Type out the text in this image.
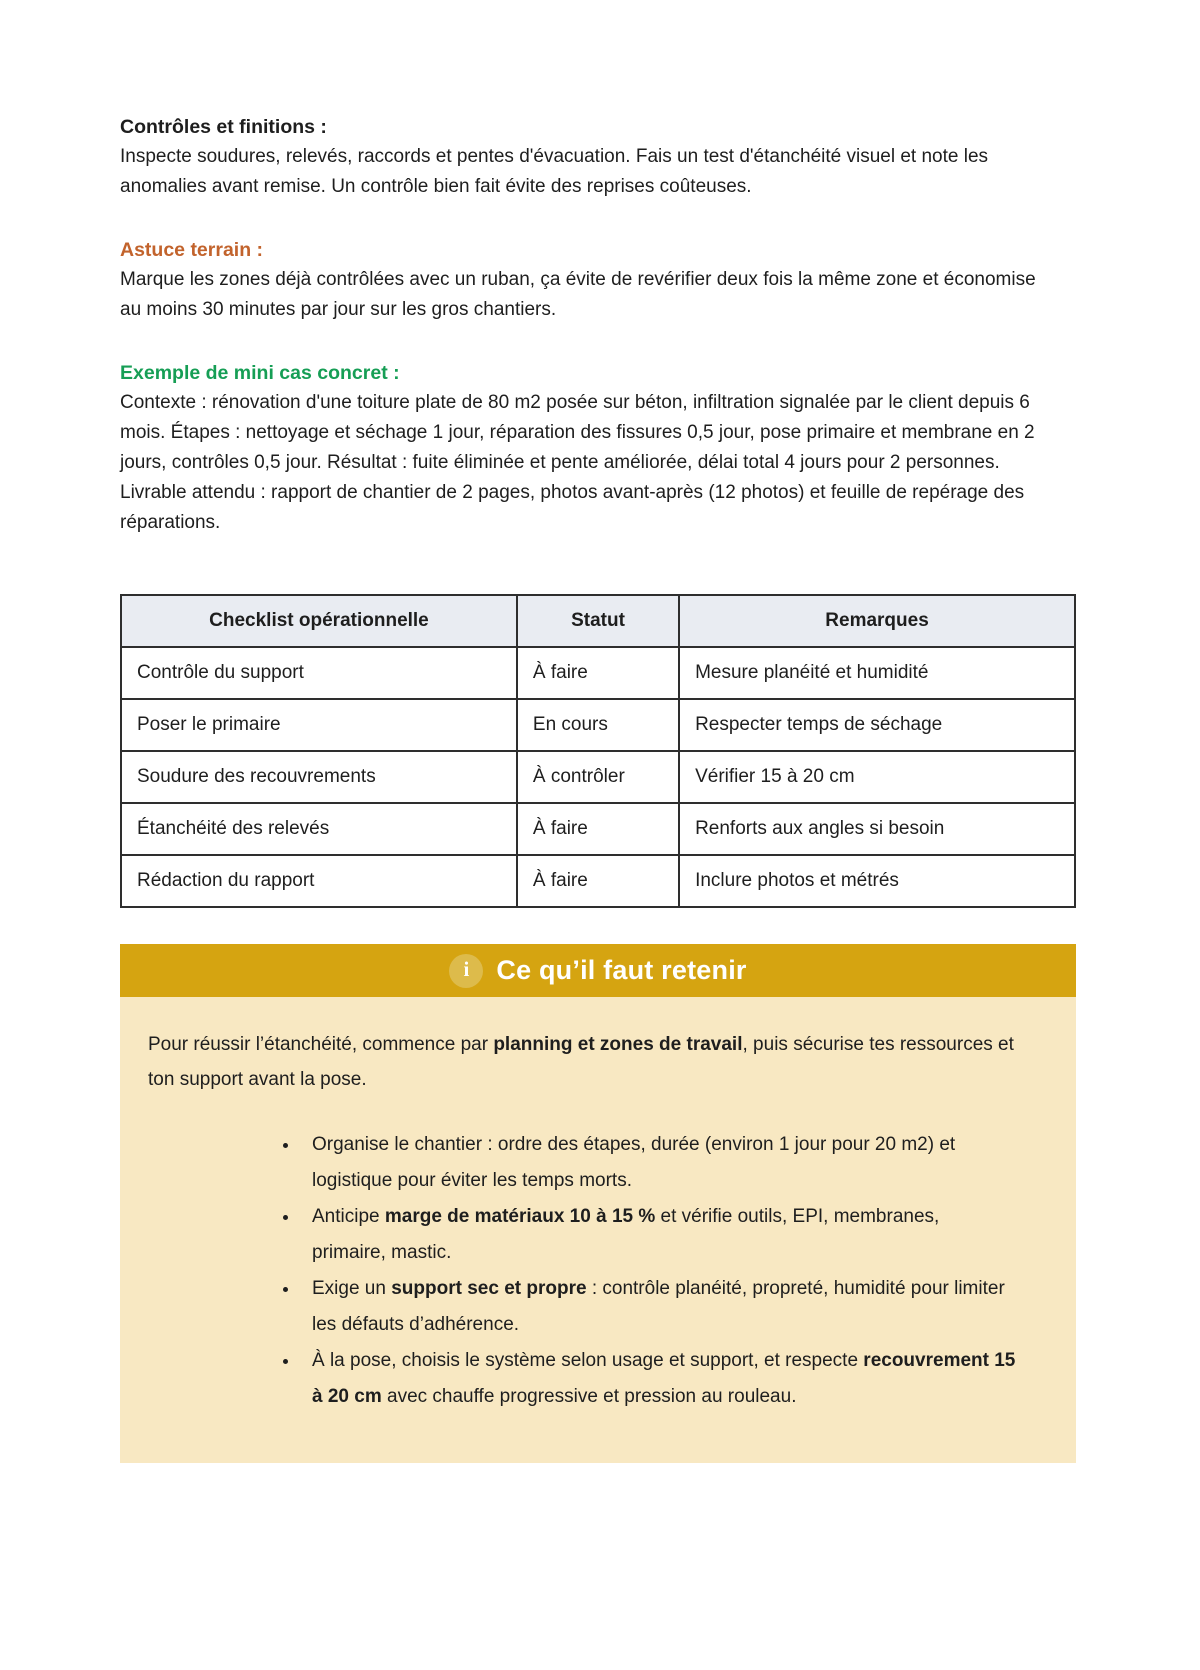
Contrôles et finitions :

Inspecte soudures, relevés, raccords et pentes d'évacuation. Fais un test d'étanchéité visuel et note les anomalies avant remise. Un contrôle bien fait évite des reprises coûteuses.

Astuce terrain :

Marque les zones déjà contrôlées avec un ruban, ça évite de revérifier deux fois la même zone et économise au moins 30 minutes par jour sur les gros chantiers.

Exemple de mini cas concret :

Contexte : rénovation d'une toiture plate de 80 m2 posée sur béton, infiltration signalée par le client depuis 6 mois. Étapes : nettoyage et séchage 1 jour, réparation des fissures 0,5 jour, pose primaire et membrane en 2 jours, contrôles 0,5 jour. Résultat : fuite éliminée et pente améliorée, délai total 4 jours pour 2 personnes. Livrable attendu : rapport de chantier de 2 pages, photos avant-après (12 photos) et feuille de repérage des réparations.

Checklist opérationnelle	Statut	Remarques
Contrôle du support	À faire	Mesure planéité et humidité
Poser le primaire	En cours	Respecter temps de séchage
Soudure des recouvrements	À contrôler	Vérifier 15 à 20 cm
Étanchéité des relevés	À faire	Renforts aux angles si besoin
Rédaction du rapport	À faire	Inclure photos et métrés
i Ce qu’il faut retenir

Pour réussir l’étanchéité, commence par planning et zones de travail, puis sécurise tes ressources et ton support avant la pose.

• Organise le chantier : ordre des étapes, durée (environ 1 jour pour 20 m2) et logistique pour éviter les temps morts.
• Anticipe marge de matériaux 10 à 15 % et vérifie outils, EPI, membranes, primaire, mastic.
• Exige un support sec et propre : contrôle planéité, propreté, humidité pour limiter les défauts d’adhérence.
• À la pose, choisis le système selon usage et support, et respecte recouvrement 15 à 20 cm avec chauffe progressive et pression au rouleau.
